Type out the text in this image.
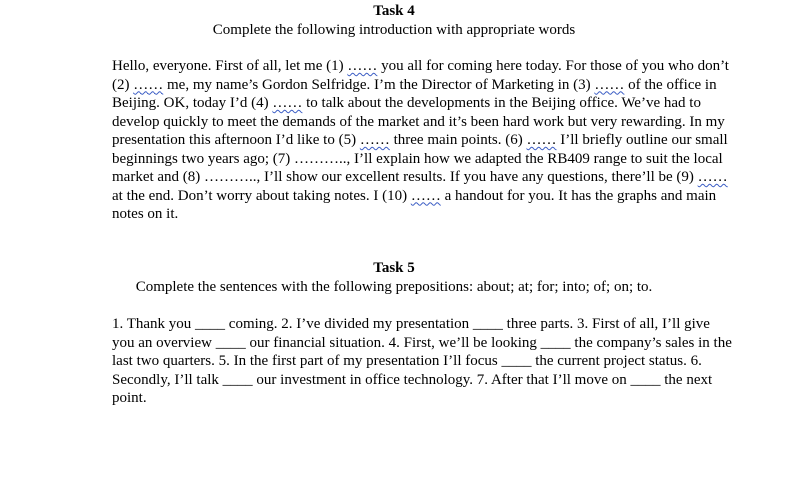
Task 4

Complete the following introduction with appropriate words

Hello, everyone. First of all, let me (1) …… you all for coming here today. For those of you who don’t (2) …… me, my name’s Gordon Selfridge. I’m the Director of Marketing in (3) …… of the office in Beijing. OK, today I’d (4) …… to talk about the developments in the Beijing office. We’ve had to develop quickly to meet the demands of the market and it’s been hard work but very rewarding. In my presentation this afternoon I’d like to (5) …… three main points. (6) …… I’ll briefly outline our small beginnings two years ago; (7) ……….., I’ll explain how we adapted the RB409 range to suit the local market and (8) ……….., I’ll show our excellent results. If you have any questions, there’ll be (9) …… at the end. Don’t worry about taking notes. I (10) …… a handout for you. It has the graphs and main notes on it.

Task 5

Complete the sentences with the following prepositions: about; at; for; into; of; on; to.

1. Thank you ____ coming. 2. I’ve divided my presentation ____ three parts. 3. First of all, I’ll give you an overview ____ our financial situation. 4. First, we’ll be looking ____ the company’s sales in the last two quarters. 5. In the first part of my presentation I’ll focus ____ the current project status. 6. Secondly, I’ll talk ____ our investment in office technology. 7. After that I’ll move on ____ the next point.
